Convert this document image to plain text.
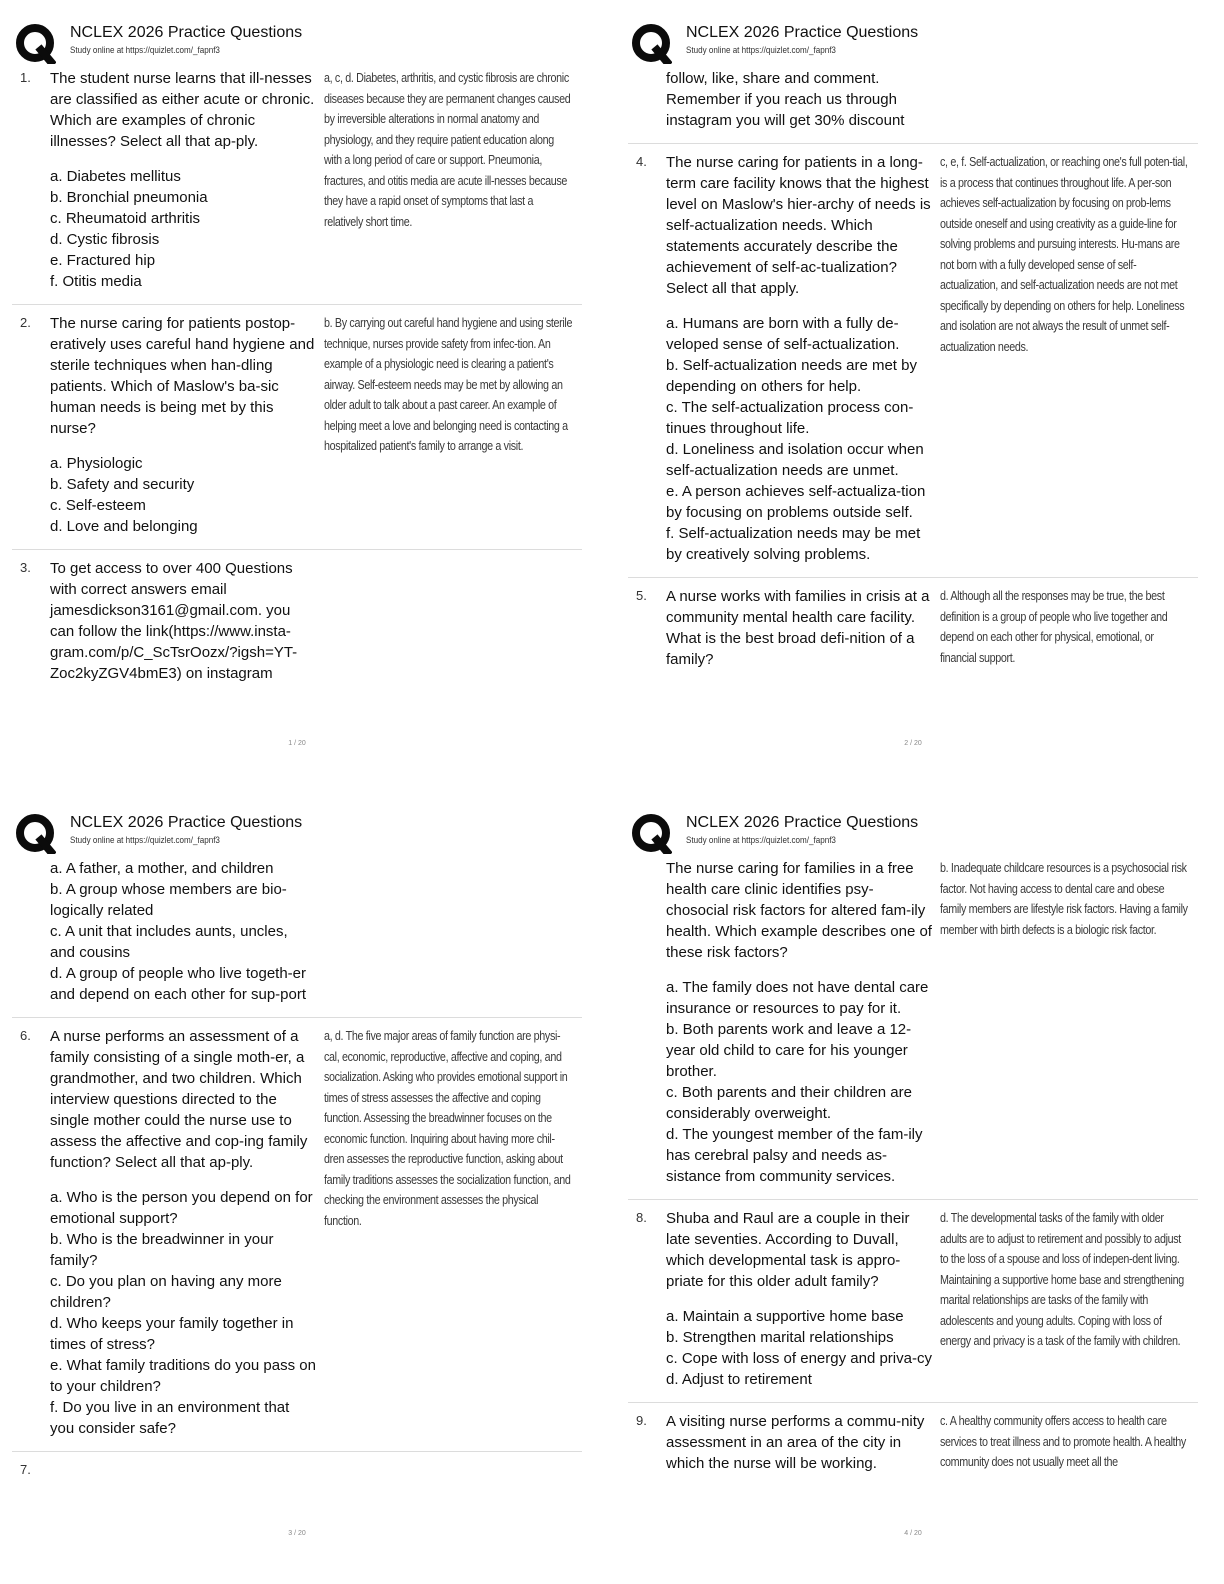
NCLEX 2026 Practice Questions
Study online at https://quizlet.com/_fapnf3
1.	The student nurse learns that ill-nesses are classified as either acute or chronic. Which are examples of chronic illnesses? Select all that ap-ply.
a. Diabetes mellitus
b. Bronchial pneumonia
c. Rheumatoid arthritis
d. Cystic fibrosis
e. Fractured hip
f. Otitis media
a, c, d. Diabetes, arthritis, and cystic fibrosis are chronic diseases because they are permanent changes caused by irreversible alterations in normal anatomy and physiology, and they require patient education along with a long period of care or support. Pneumonia, fractures, and otitis media are acute ill-nesses because they have a rapid onset of symptoms that last a relatively short time.
2.	The nurse caring for patients postop-eratively uses careful hand hygiene and sterile techniques when han-dling patients. Which of Maslow's ba-sic human needs is being met by this nurse?
a. Physiologic
b. Safety and security
c. Self-esteem
d. Love and belonging
b. By carrying out careful hand hygiene and using sterile technique, nurses provide safety from infec-tion. An example of a physiologic need is clearing a patient's airway. Self-esteem needs may be met by allowing an older adult to talk about a past career. An example of helping meet a love and belonging need is contacting a hospitalized patient's family to arrange a visit.
3.	To get access to over 400 Questions with correct answers email jamesdickson3161@gmail.com. you can follow the link(https://www.insta-gram.com/p/C_ScTsrOozx/?igsh=YT-Zoc2kyZGV4bmE3) on instagram
1 / 20
NCLEX 2026 Practice Questions
Study online at https://quizlet.com/_fapnf3
follow, like, share and comment. Remember if you reach us through instagram you will get 30% discount
4.	The nurse caring for patients in a long-term care facility knows that the highest level on Maslow's hier-archy of needs is self-actualization needs. Which statements accurately describe the achievement of self-ac-tualization? Select all that apply.
a. Humans are born with a fully de-veloped sense of self-actualization.
b. Self-actualization needs are met by depending on others for help.
c. The self-actualization process con-tinues throughout life.
d. Loneliness and isolation occur when self-actualization needs are unmet.
e. A person achieves self-actualiza-tion by focusing on problems outside self.
f. Self-actualization needs may be met by creatively solving problems.
c, e, f. Self-actualization, or reaching one's full poten-tial, is a process that continues throughout life. A per-son achieves self-actualization by focusing on prob-lems outside oneself and using creativity as a guide-line for solving problems and pursuing interests. Hu-mans are not born with a fully developed sense of self-actualization, and self-actualization needs are not met specifically by depending on others for help. Loneliness and isolation are not always the result of unmet self-actualization needs.
5.	A nurse works with families in crisis at a community mental health care facility. What is the best broad defi-nition of a family?
d. Although all the responses may be true, the best definition is a group of people who live together and depend on each other for physical, emotional, or financial support.
2 / 20
NCLEX 2026 Practice Questions
Study online at https://quizlet.com/_fapnf3
a. A father, a mother, and children
b. A group whose members are bio-logically related
c. A unit that includes aunts, uncles, and cousins
d. A group of people who live togeth-er and depend on each other for sup-port
6.	A nurse performs an assessment of a family consisting of a single moth-er, a grandmother, and two children. Which interview questions directed to the single mother could the nurse use to assess the affective and cop-ing family function? Select all that ap-ply.
a. Who is the person you depend on for emotional support?
b. Who is the breadwinner in your family?
c. Do you plan on having any more children?
d. Who keeps your family together in times of stress?
e. What family traditions do you pass on to your children?
f. Do you live in an environment that you consider safe?
a, d. The five major areas of family function are physi-cal, economic, reproductive, affective and coping, and socialization. Asking who provides emotional support in times of stress assesses the affective and coping function. Assessing the breadwinner focuses on the economic function. Inquiring about having more chil-dren assesses the reproductive function, asking about family traditions assesses the socialization function, and checking the environment assesses the physical function.
7.
3 / 20
NCLEX 2026 Practice Questions
Study online at https://quizlet.com/_fapnf3
The nurse caring for families in a free health care clinic identifies psy-chosocial risk factors for altered fam-ily health. Which example describes one of these risk factors?
a. The family does not have dental care insurance or resources to pay for it.
b. Both parents work and leave a 12-year old child to care for his younger brother.
c. Both parents and their children are considerably overweight.
d. The youngest member of the fam-ily has cerebral palsy and needs as-sistance from community services.
b. Inadequate childcare resources is a psychosocial risk factor. Not having access to dental care and obese family members are lifestyle risk factors. Having a family member with birth defects is a biologic risk factor.
8.	Shuba and Raul are a couple in their late seventies. According to Duvall, which developmental task is appro-priate for this older adult family?
a. Maintain a supportive home base
b. Strengthen marital relationships
c. Cope with loss of energy and priva-cy
d. Adjust to retirement
d. The developmental tasks of the family with older adults are to adjust to retirement and possibly to adjust to the loss of a spouse and loss of indepen-dent living. Maintaining a supportive home base and strengthening marital relationships are tasks of the family with adolescents and young adults. Coping with loss of energy and privacy is a task of the family with children.
9.	A visiting nurse performs a commu-nity assessment in an area of the city in which the nurse will be working.
c. A healthy community offers access to health care services to treat illness and to promote health. A healthy community does not usually meet all the
4 / 20
